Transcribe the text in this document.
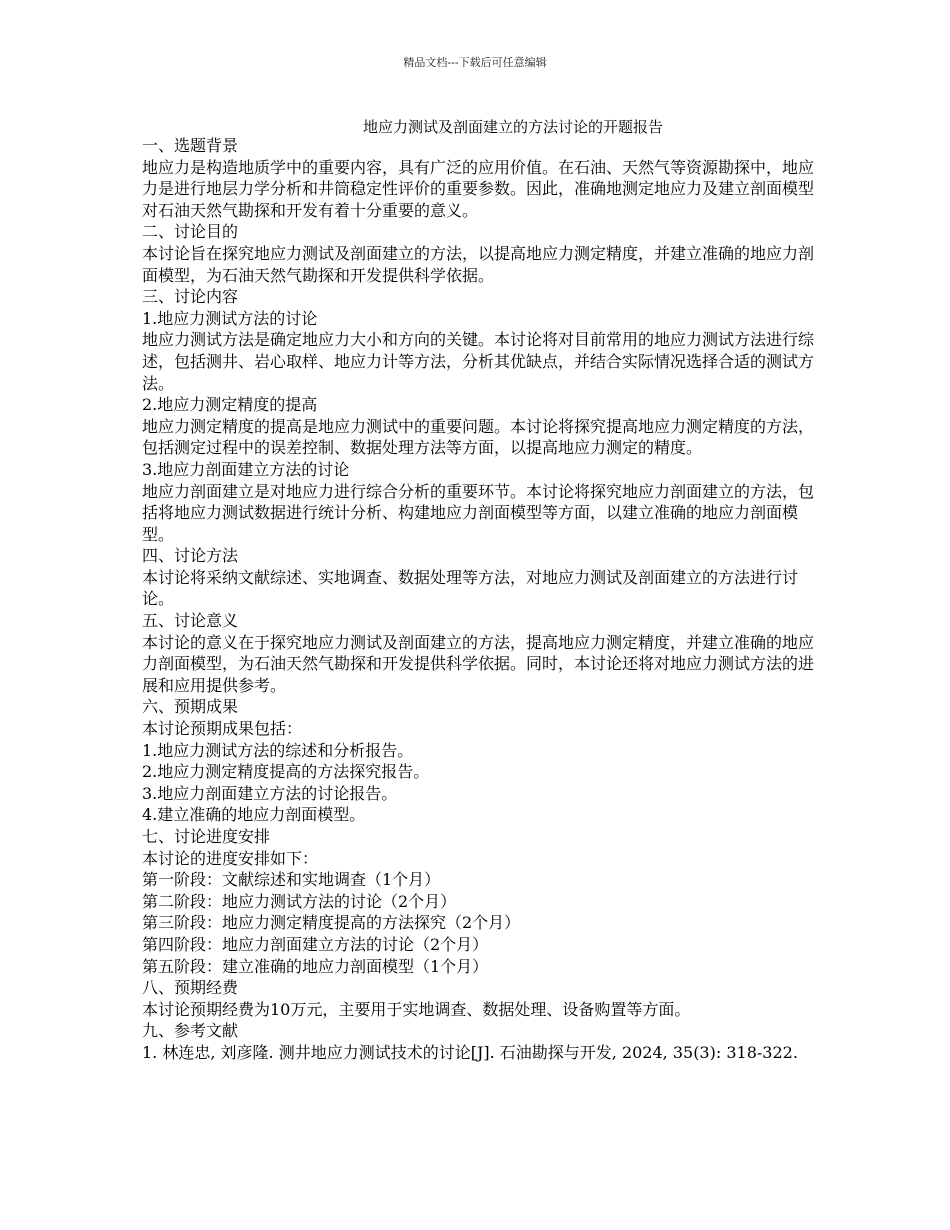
精品文档---下载后可任意编辑
地应力测试及剖面建立的方法讨论的开题报告

一、选题背景

地应力是构造地质学中的重要内容，具有广泛的应用价值。在石油、天然气等资源勘探中，地应力是进行地层力学分析和井筒稳定性评价的重要参数。因此，准确地测定地应力及建立剖面模型对石油天然气勘探和开发有着十分重要的意义。

二、讨论目的

本讨论旨在探究地应力测试及剖面建立的方法，以提高地应力测定精度，并建立准确的地应力剖面模型，为石油天然气勘探和开发提供科学依据。

三、讨论内容

1.地应力测试方法的讨论

地应力测试方法是确定地应力大小和方向的关键。本讨论将对目前常用的地应力测试方法进行综述，包括测井、岩心取样、地应力计等方法，分析其优缺点，并结合实际情况选择合适的测试方法。

2.地应力测定精度的提高

地应力测定精度的提高是地应力测试中的重要问题。本讨论将探究提高地应力测定精度的方法，包括测定过程中的误差控制、数据处理方法等方面，以提高地应力测定的精度。

3.地应力剖面建立方法的讨论

地应力剖面建立是对地应力进行综合分析的重要环节。本讨论将探究地应力剖面建立的方法，包括将地应力测试数据进行统计分析、构建地应力剖面模型等方面，以建立准确的地应力剖面模型。

四、讨论方法

本讨论将采纳文献综述、实地调查、数据处理等方法，对地应力测试及剖面建立的方法进行讨论。

五、讨论意义

本讨论的意义在于探究地应力测试及剖面建立的方法，提高地应力测定精度，并建立准确的地应力剖面模型，为石油天然气勘探和开发提供科学依据。同时，本讨论还将对地应力测试方法的进展和应用提供参考。

六、预期成果

本讨论预期成果包括：

1.地应力测试方法的综述和分析报告。

2.地应力测定精度提高的方法探究报告。

3.地应力剖面建立方法的讨论报告。

4.建立准确的地应力剖面模型。

七、讨论进度安排

本讨论的进度安排如下：

第一阶段：文献综述和实地调查（1个月）

第二阶段：地应力测试方法的讨论（2个月）

第三阶段：地应力测定精度提高的方法探究（2个月）

第四阶段：地应力剖面建立方法的讨论（2个月）

第五阶段：建立准确的地应力剖面模型（1个月）

八、预期经费

本讨论预期经费为10万元，主要用于实地调查、数据处理、设备购置等方面。

九、参考文献

1. 林连忠, 刘彦隆. 测井地应力测试技术的讨论[J]. 石油勘探与开发, 2024, 35(3): 318-322.
